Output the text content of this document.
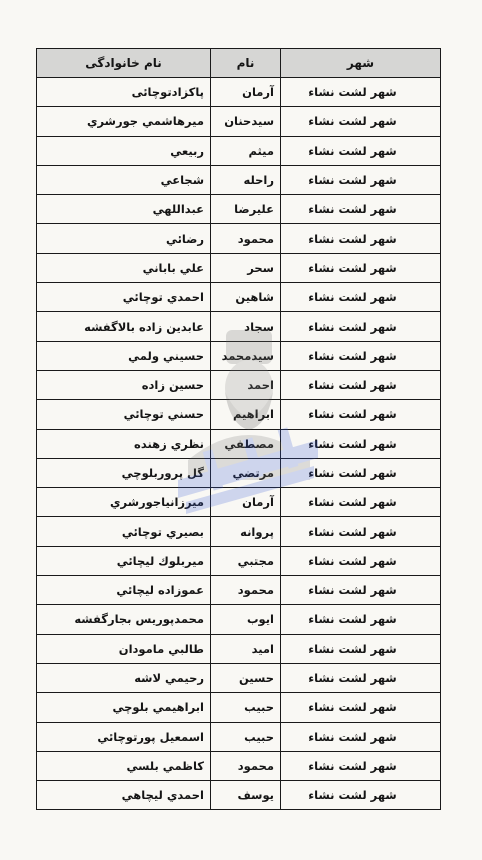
شهر	نام	نام خانوادگی
شهر لشت نشاء	آرمان	پاکزادتوچائی
شهر لشت نشاء	سیدحنان	میرهاشمي جورشري
شهر لشت نشاء	میثم	ربیعي
شهر لشت نشاء	راحله	شجاعي
شهر لشت نشاء	علیرضا	عبداللهي
شهر لشت نشاء	محمود	رضائي
شهر لشت نشاء	سحر	علي باباني
شهر لشت نشاء	شاهین	احمدي توچائي
شهر لشت نشاء	سجاد	عابدین زاده بالاگفشه
شهر لشت نشاء	سیدمحمد	حسیني ولمي
شهر لشت نشاء	احمد	حسین زاده
شهر لشت نشاء	ابراهیم	حسني توچائي
شهر لشت نشاء	مصطفي	نظري زهنده
شهر لشت نشاء	مرتضي	گل پروربلوچي
شهر لشت نشاء	آرمان	میرزانیاجورشري
شهر لشت نشاء	پروانه	بصیري توچائي
شهر لشت نشاء	مجتبي	میربلوك لیچائي
شهر لشت نشاء	محمود	عموزاده لیچائي
شهر لشت نشاء	ایوب	محمدپوریس بجارگفشه
شهر لشت نشاء	امید	طالبي مامودان
شهر لشت نشاء	حسین	رحیمي لاشه
شهر لشت نشاء	حبیب	ابراهیمي بلوچي
شهر لشت نشاء	حبیب	اسمعیل پورتوچائي
شهر لشت نشاء	محمود	کاظمي بلسي
شهر لشت نشاء	یوسف	احمدي لیچاهي
